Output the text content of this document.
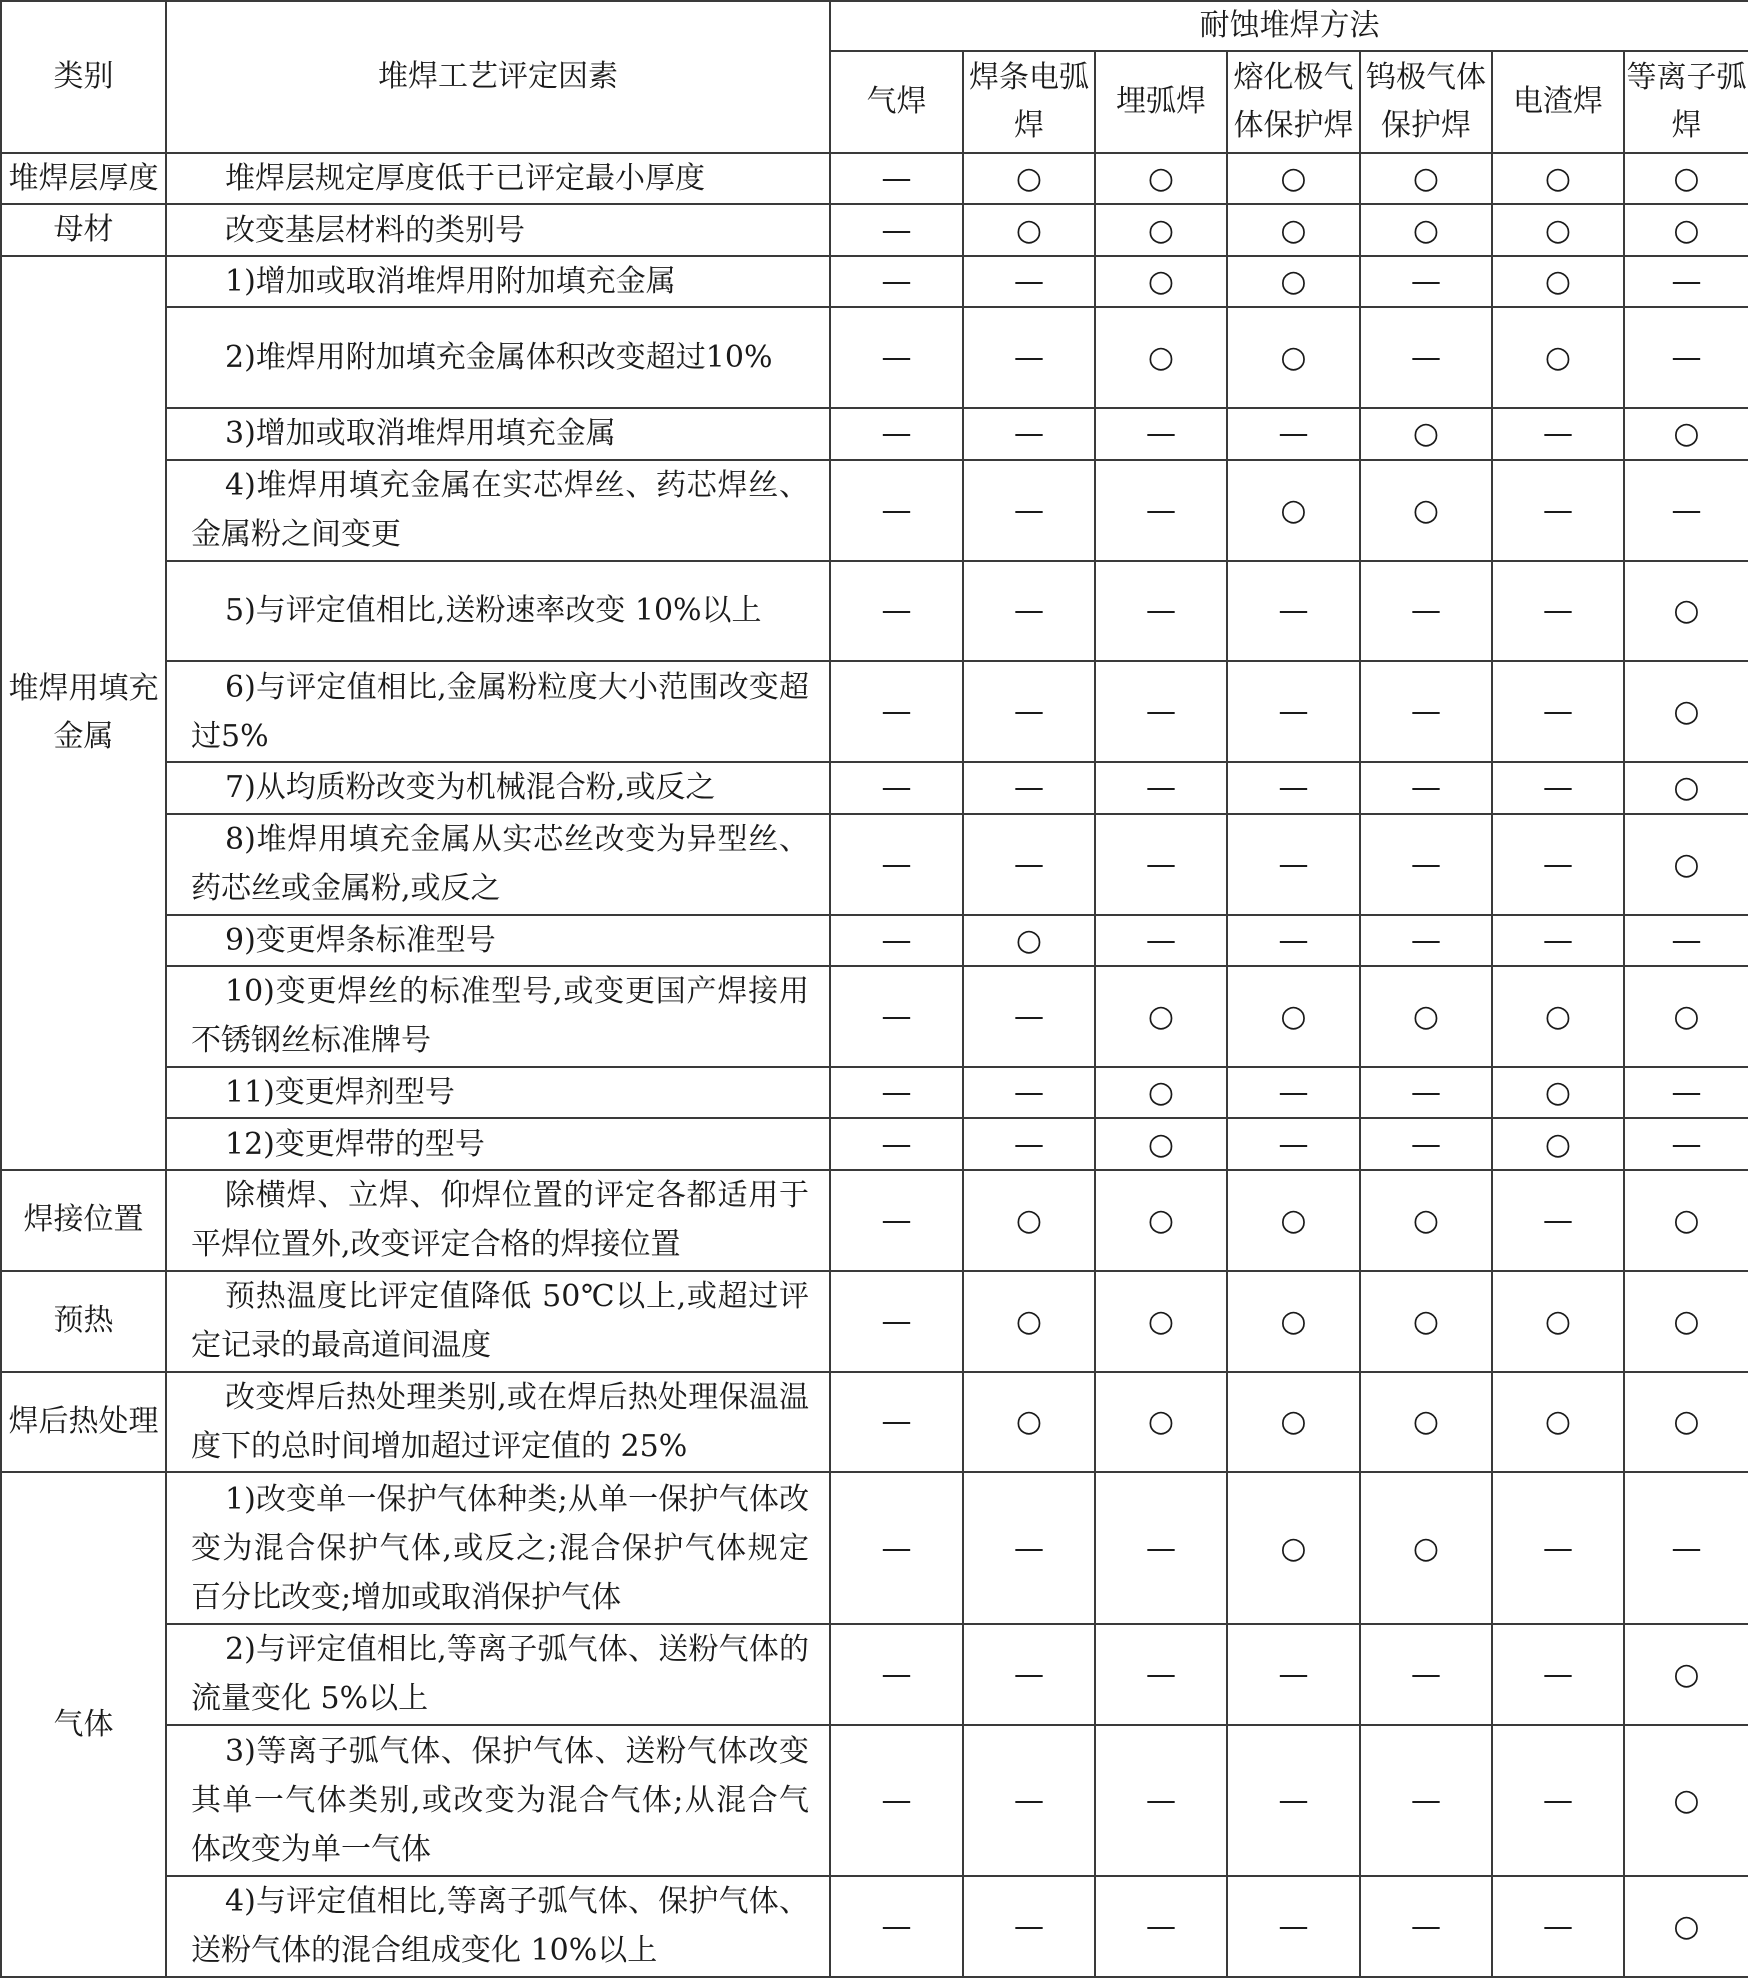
类别	堆焊工艺评定因素	耐蚀堆焊方法						
		气焊	焊条电弧焊	埋弧焊	熔化极气体保护焊	钨极气体保护焊	电渣焊	等离子弧焊
堆焊层厚度	堆焊层规定厚度低于已评定最小厚度	—	○	○	○	○	○	○
母材	改变基层材料的类别号	—	○	○	○	○	○	○
堆焊用填充金属	1)增加或取消堆焊用附加填充金属	—	—	○	○	—	○	—
	2)堆焊用附加填充金属体积改变超过10%	—	—	○	○	—	○	—
	3)增加或取消堆焊用填充金属	—	—	—	—	○	—	○
	4)堆焊用填充金属在实芯焊丝、药芯焊丝、金属粉之间变更	—	—	—	○	○	—	—
	5)与评定值相比,送粉速率改变 10%以上	—	—	—	—	—	—	○
	6)与评定值相比,金属粉粒度大小范围改变超过5%	—	—	—	—	—	—	○
	7)从均质粉改变为机械混合粉,或反之	—	—	—	—	—	—	○
	8)堆焊用填充金属从实芯丝改变为异型丝、药芯丝或金属粉,或反之	—	—	—	—	—	—	○
	9)变更焊条标准型号	—	○	—	—	—	—	—
	10)变更焊丝的标准型号,或变更国产焊接用不锈钢丝标准牌号	—	—	○	○	○	○	○
	11)变更焊剂型号	—	—	○	—	—	○	—
	12)变更焊带的型号	—	—	○	—	—	○	—
焊接位置	除横焊、立焊、仰焊位置的评定各都适用于平焊位置外,改变评定合格的焊接位置	—	○	○	○	○	—	○
预热	预热温度比评定值降低 50℃以上,或超过评定记录的最高道间温度	—	○	○	○	○	○	○
焊后热处理	改变焊后热处理类别,或在焊后热处理保温温度下的总时间增加超过评定值的 25%	—	○	○	○	○	○	○
气体	1)改变单一保护气体种类;从单一保护气体改变为混合保护气体,或反之;混合保护气体规定百分比改变;增加或取消保护气体	—	—	—	○	○	—	—
	2)与评定值相比,等离子弧气体、送粉气体的流量变化 5%以上	—	—	—	—	—	—	○
	3)等离子弧气体、保护气体、送粉气体改变其单一气体类别,或改变为混合气体;从混合气体改变为单一气体	—	—	—	—	—	—	○
	4)与评定值相比,等离子弧气体、保护气体、送粉气体的混合组成变化 10%以上	—	—	—	—	—	—	○
